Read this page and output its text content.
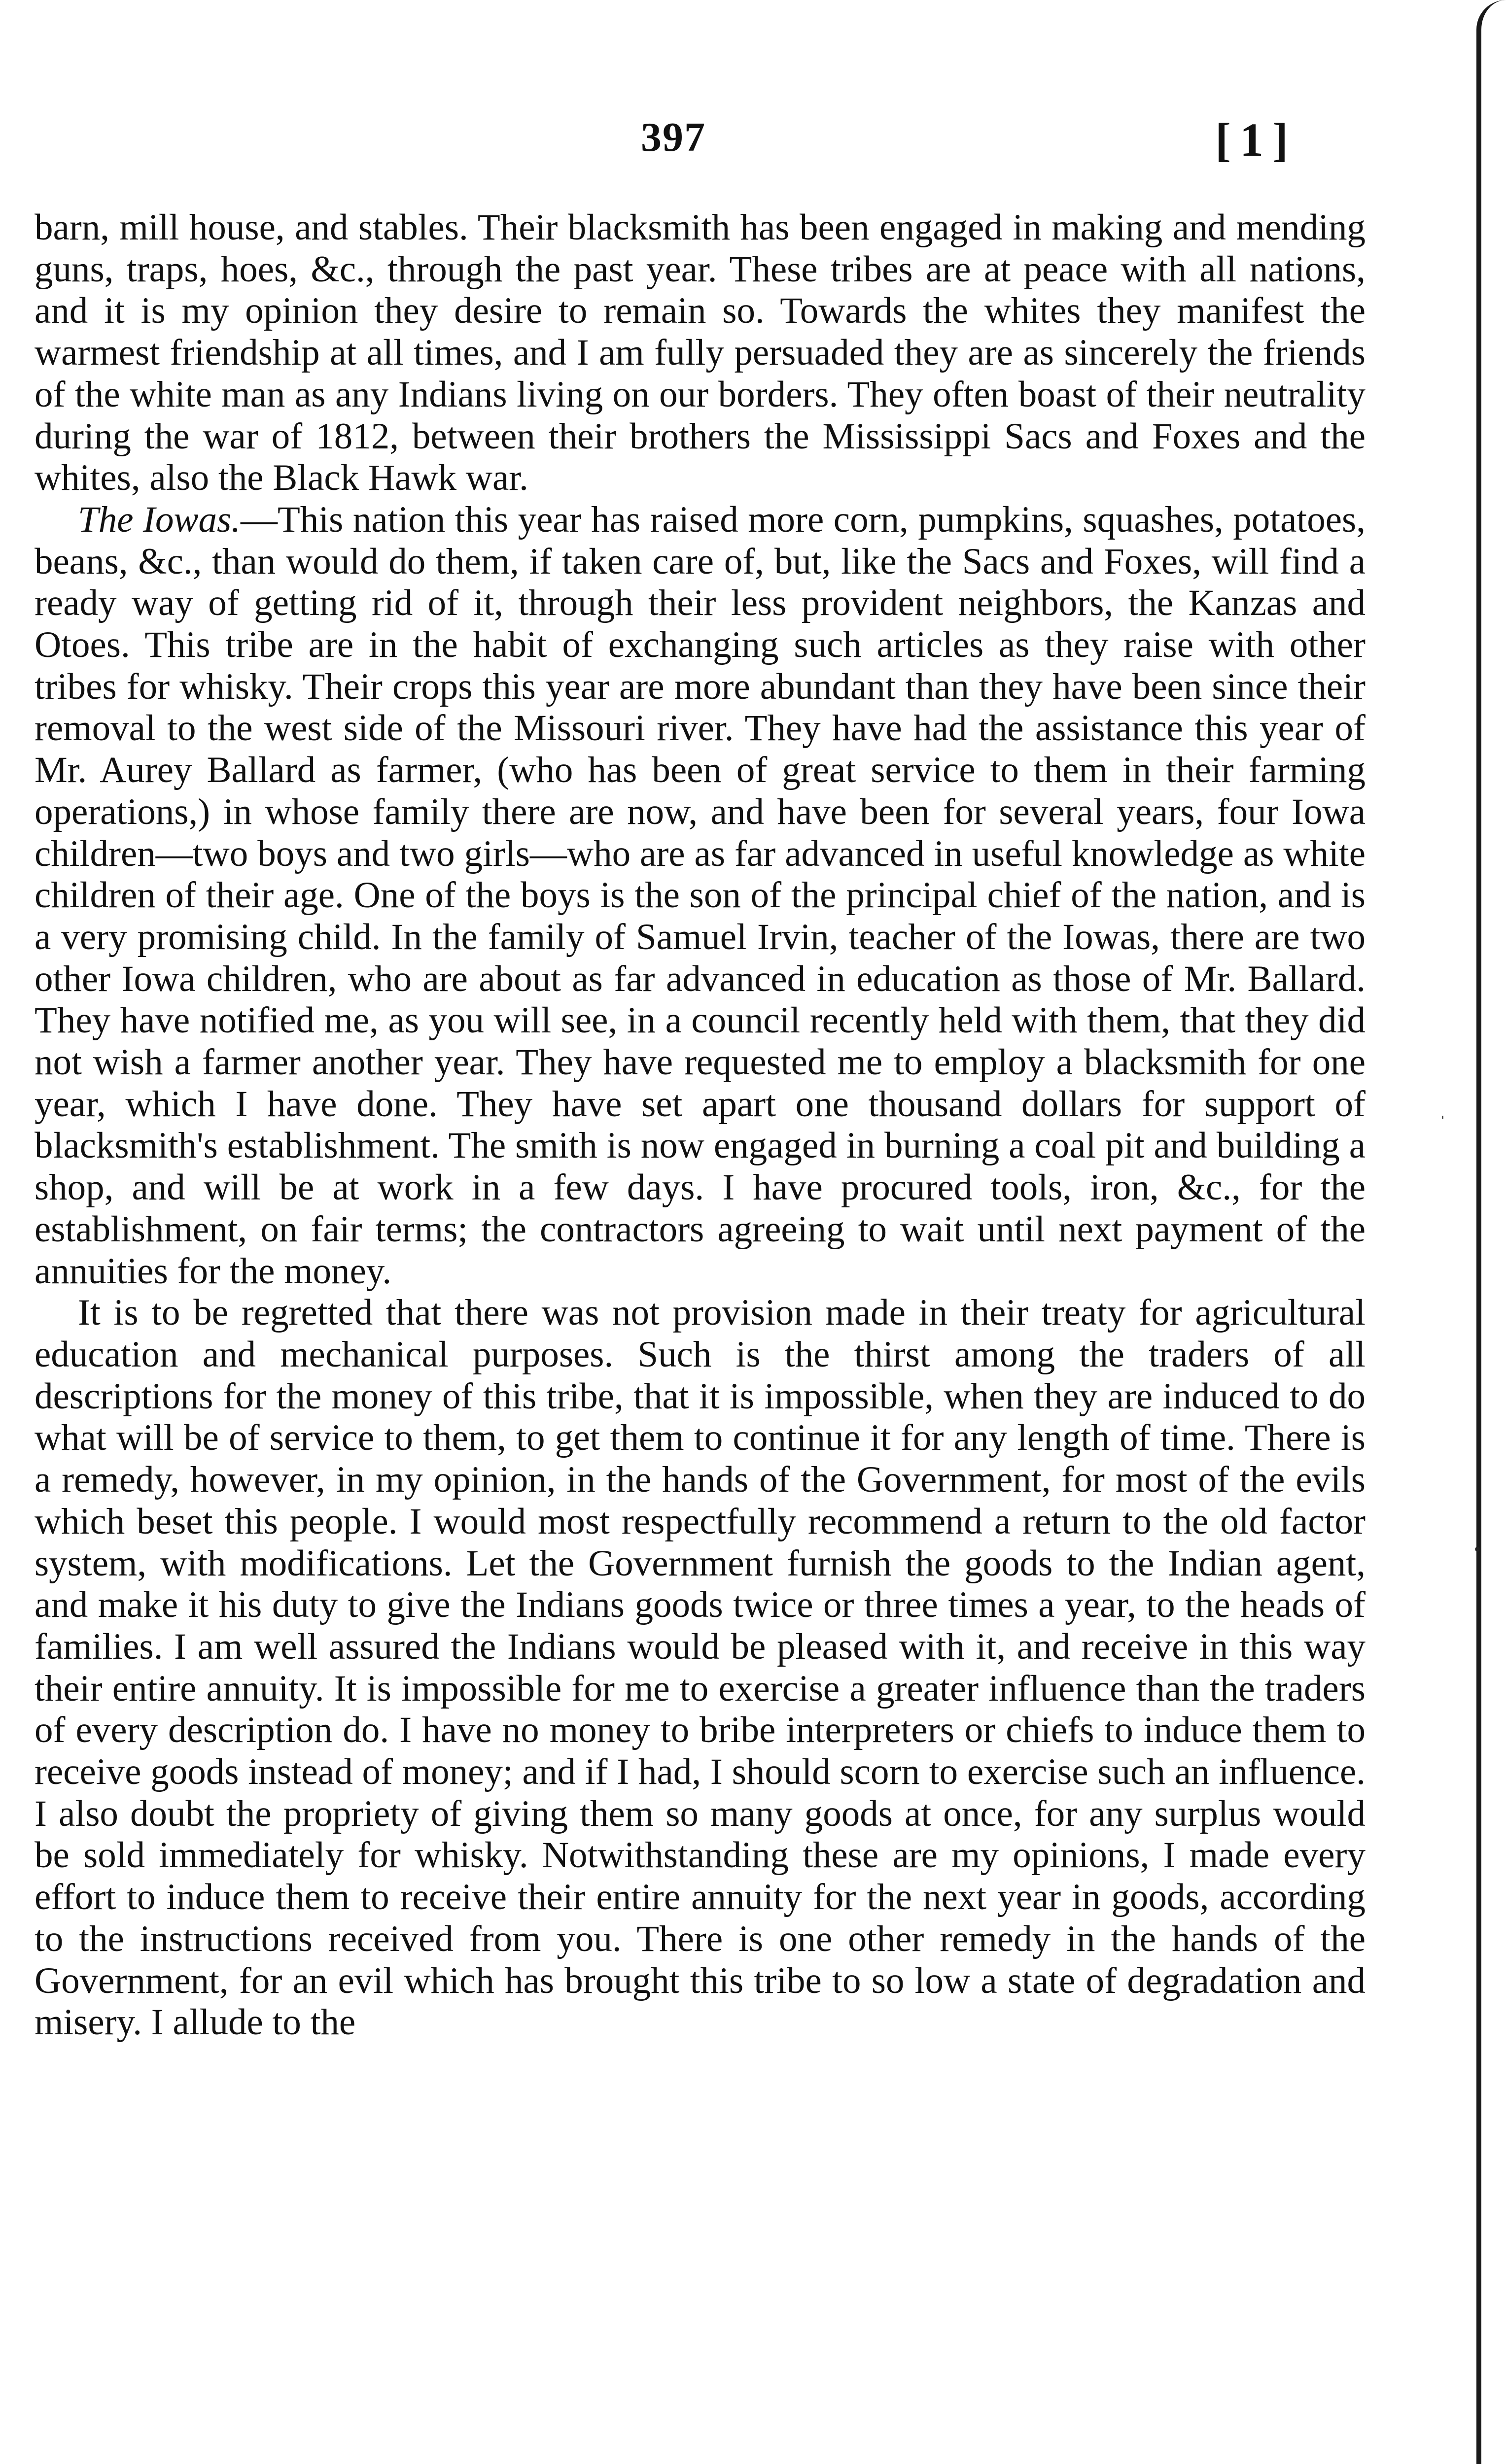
397	[1]

barn, mill house, and stables. Their blacksmith has been engaged in making and mending guns, traps, hoes, &c., through the past year. These tribes are at peace with all nations, and it is my opinion they desire to remain so. Towards the whites they manifest the warmest friendship at all times, and I am fully persuaded they are as sincerely the friends of the white man as any Indians living on our borders. They often boast of their neutrality during the war of 1812, between their brothers the Mississippi Sacs and Foxes and the whites, also the Black Hawk war.

The Iowas.—This nation this year has raised more corn, pumpkins, squashes, potatoes, beans, &c., than would do them, if taken care of, but, like the Sacs and Foxes, will find a ready way of getting rid of it, through their less provident neighbors, the Kanzas and Otoes. This tribe are in the habit of exchanging such articles as they raise with other tribes for whisky. Their crops this year are more abundant than they have been since their removal to the west side of the Missouri river. They have had the assistance this year of Mr. Aurey Ballard as farmer, (who has been of great service to them in their farming operations,) in whose family there are now, and have been for several years, four Iowa children—two boys and two girls—who are as far advanced in useful knowledge as white children of their age. One of the boys is the son of the principal chief of the nation, and is a very promising child. In the family of Samuel Irvin, teacher of the Iowas, there are two other Iowa children, who are about as far advanced in education as those of Mr. Ballard. They have notified me, as you will see, in a council recently held with them, that they did not wish a farmer another year. They have requested me to employ a blacksmith for one year, which I have done. They have set apart one thousand dollars for support of blacksmith's establishment. The smith is now engaged in burning a coal pit and building a shop, and will be at work in a few days. I have procured tools, iron, &c., for the establishment, on fair terms; the contractors agreeing to wait until next payment of the annuities for the money.

It is to be regretted that there was not provision made in their treaty for agricultural education and mechanical purposes. Such is the thirst among the traders of all descriptions for the money of this tribe, that it is impossible, when they are induced to do what will be of service to them, to get them to continue it for any length of time. There is a remedy, however, in my opinion, in the hands of the Government, for most of the evils which beset this people. I would most respectfully recommend a return to the old factor system, with modifications. Let the Government furnish the goods to the Indian agent, and make it his duty to give the Indians goods twice or three times a year, to the heads of families. I am well assured the Indians would be pleased with it, and receive in this way their entire annuity. It is impossible for me to exercise a greater influence than the traders of every description do. I have no money to bribe interpreters or chiefs to induce them to receive goods instead of money; and if I had, I should scorn to exercise such an influence. I also doubt the propriety of giving them so many goods at once, for any surplus would be sold immediately for whisky. Notwithstanding these are my opinions, I made every effort to induce them to receive their entire annuity for the next year in goods, according to the instructions received from you. There is one other remedy in the hands of the Government, for an evil which has brought this tribe to so low a state of degradation and misery. I allude to the

ˈ
•
